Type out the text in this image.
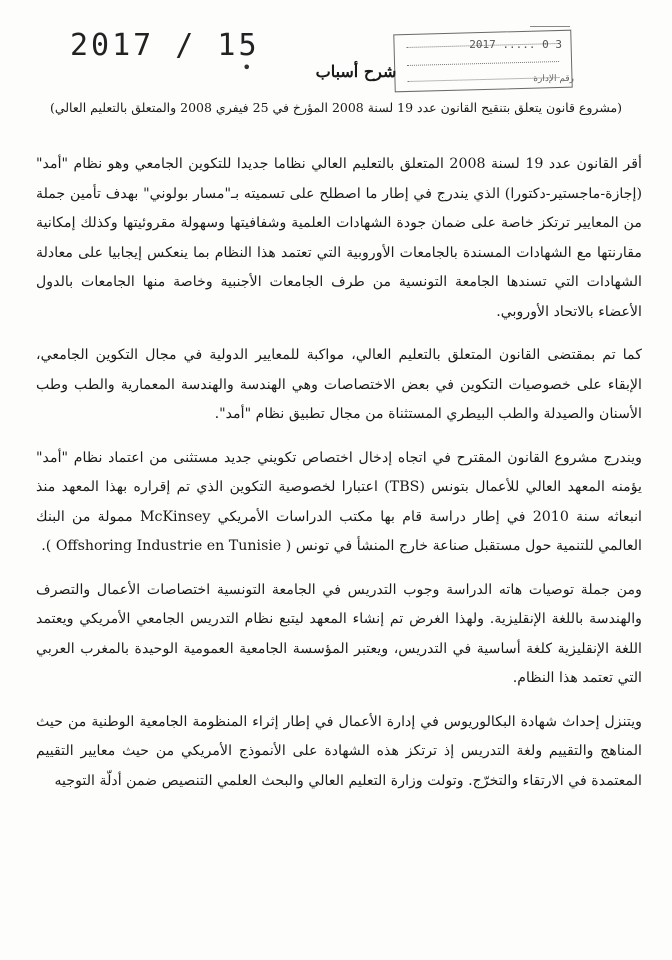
2017 / 15
•
2017 ..... 0 3
رقم الإدارة
شرح أسباب
(مشروع قانون يتعلق بتنقيح القانون عدد 19 لسنة 2008 المؤرخ في 25 فيفري 2008 والمتعلق بالتعليم العالي)

أقر القانون عدد 19 لسنة 2008 المتعلق بالتعليم العالي نظاما جديدا للتكوين الجامعي وهو نظام "أمد"(إجازة-ماجستير-دكتورا) الذي يندرج في إطار ما اصطلح على تسميته بـ"مسار بولوني" بهدف تأمين جملة من المعايير ترتكز خاصة على ضمان جودة الشهادات العلمية وشفافيتها وسهولة مقروئيتها وكذلك إمكانية مقارنتها مع الشهادات المسندة بالجامعات الأوروبية التي تعتمد هذا النظام بما ينعكس إيجابيا على معادلة الشهادات التي تسندها الجامعة التونسية من طرف الجامعات الأجنبية وخاصة منها الجامعات بالدول الأعضاء بالاتحاد الأوروبي.

كما تم بمقتضى القانون المتعلق بالتعليم العالي، مواكبة للمعايير الدولية في مجال التكوين الجامعي، الإبقاء على خصوصيات التكوين في بعض الاختصاصات وهي الهندسة والهندسة المعمارية والطب وطب الأسنان والصيدلة والطب البيطري المستثناة من مجال تطبيق نظام "أمد".

ويندرج مشروع القانون المقترح في اتجاه إدخال اختصاص تكويني جديد مستثنى من اعتماد نظام "أمد" يؤمنه المعهد العالي للأعمال بتونس (TBS) اعتبارا لخصوصية التكوين الذي تم إقراره بهذا المعهد منذ انبعاثه سنة 2010 في إطار دراسة قام بها مكتب الدراسات الأمريكي McKinsey ممولة من البنك العالمي للتنمية حول مستقبل صناعة خارج المنشأ في تونس ( Offshoring Industrie en Tunisie ).

ومن جملة توصيات هاته الدراسة وجوب التدريس في الجامعة التونسية اختصاصات الأعمال والتصرف والهندسة باللغة الإنقليزية. ولهذا الغرض تم إنشاء المعهد ليتبع نظام التدريس الجامعي الأمريكي ويعتمد اللغة الإنقليزية كلغة أساسية في التدريس، ويعتبر المؤسسة الجامعية العمومية الوحيدة بالمغرب العربي التي تعتمد هذا النظام.

ويتنزل إحداث شهادة البكالوريوس في إدارة الأعمال في إطار إثراء المنظومة الجامعية الوطنية من حيث المناهج والتقييم ولغة التدريس إذ ترتكز هذه الشهادة على الأنموذج الأمريكي من حيث معايير التقييم المعتمدة في الارتقاء والتخرّج. وتولت وزارة التعليم العالي والبحث العلمي التنصيص ضمن أدلّة التوجيه
